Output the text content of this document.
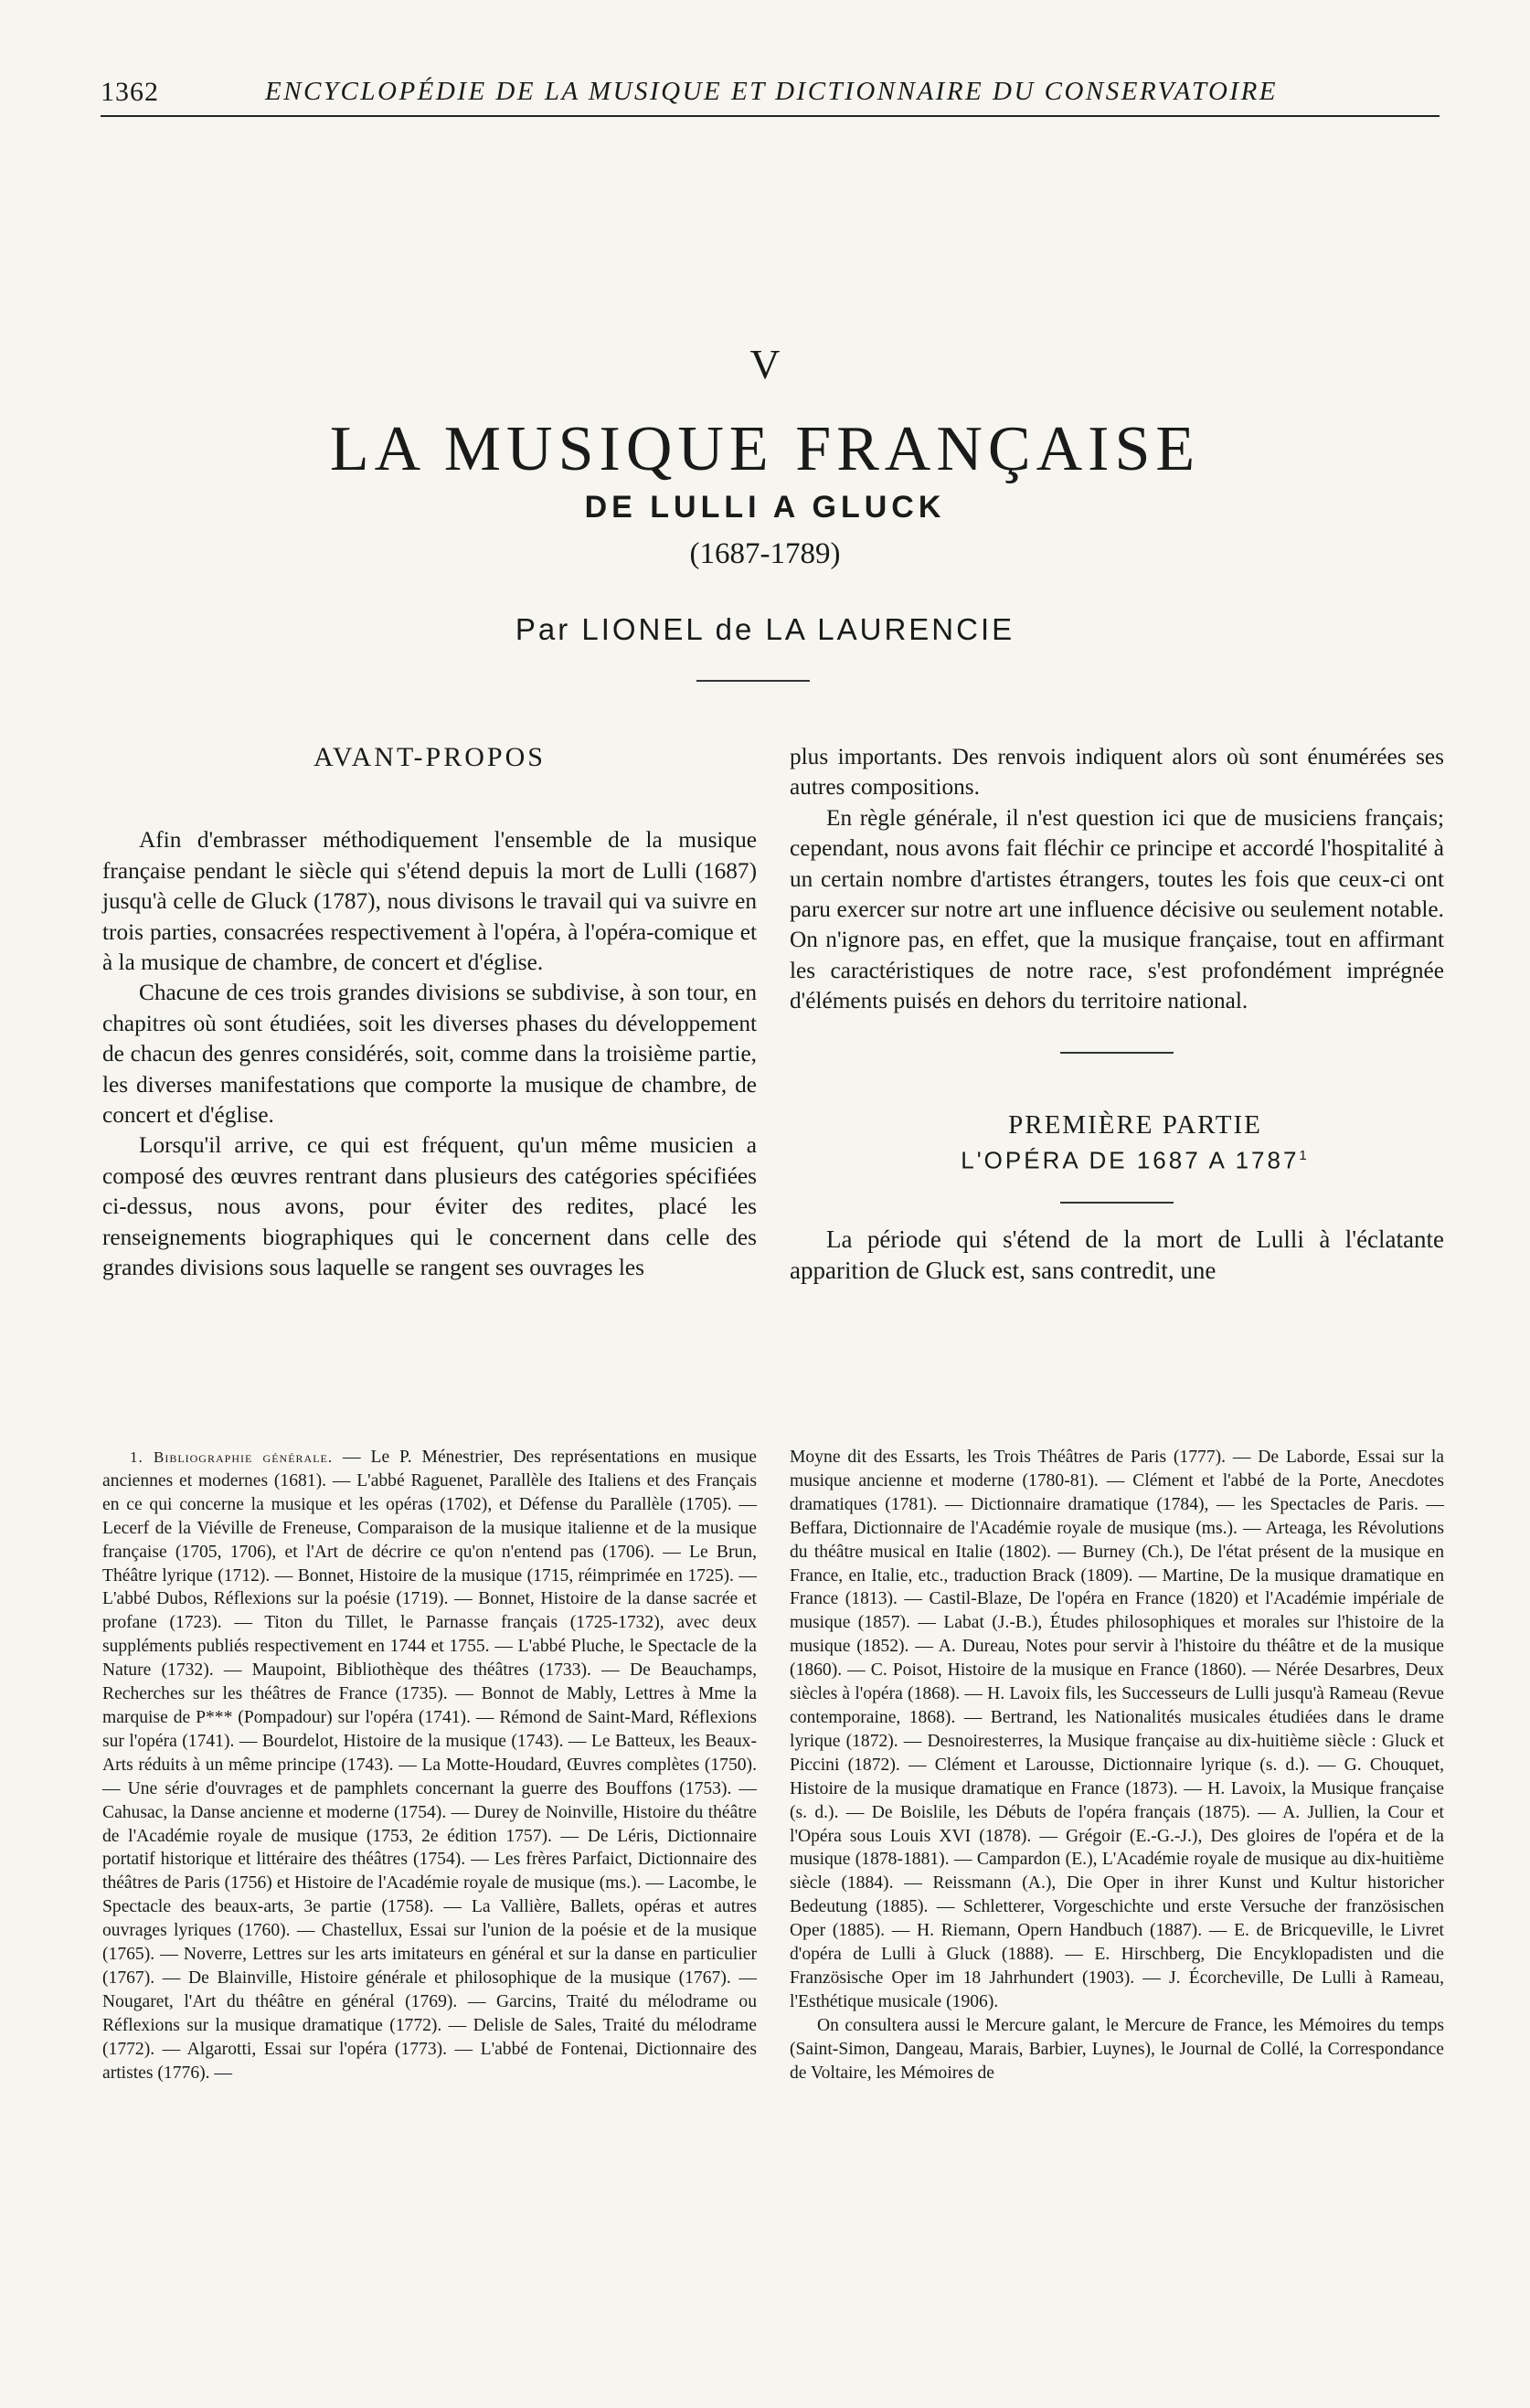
1362	ENCYCLOPÉDIE DE LA MUSIQUE ET DICTIONNAIRE DU CONSERVATOIRE
V
LA MUSIQUE FRANÇAISE
DE LULLI A GLUCK
(1687-1789)
Par LIONEL de LA LAURENCIE

AVANT-PROPOS

Afin d'embrasser méthodiquement l'ensemble de la musique française pendant le siècle qui s'étend depuis la mort de Lulli (1687) jusqu'à celle de Gluck (1787), nous divisons le travail qui va suivre en trois parties, consacrées respectivement à l'opéra, à l'opéra-comique et à la musique de chambre, de concert et d'église.

Chacune de ces trois grandes divisions se subdivise, à son tour, en chapitres où sont étudiées, soit les diverses phases du développement de chacun des genres considérés, soit, comme dans la troisième partie, les diverses manifestations que comporte la musique de chambre, de concert et d'église.

Lorsqu'il arrive, ce qui est fréquent, qu'un même musicien a composé des œuvres rentrant dans plusieurs des catégories spécifiées ci-dessus, nous avons, pour éviter des redites, placé les renseignements biographiques qui le concernent dans celle des grandes divisions sous laquelle se rangent ses ouvrages les

plus importants. Des renvois indiquent alors où sont énumérées ses autres compositions.

En règle générale, il n'est question ici que de musiciens français; cependant, nous avons fait fléchir ce principe et accordé l'hospitalité à un certain nombre d'artistes étrangers, toutes les fois que ceux-ci ont paru exercer sur notre art une influence décisive ou seulement notable. On n'ignore pas, en effet, que la musique française, tout en affirmant les caractéristiques de notre race, s'est profondément imprégnée d'éléments puisés en dehors du territoire national.

PREMIÈRE PARTIE

L'OPÉRA DE 1687 A 1787$^1$

La période qui s'étend de la mort de Lulli à l'éclatante apparition de Gluck est, sans contredit, une

1. Bibliographie générale. — Le P. Ménestrier, Des représentations en musique anciennes et modernes (1681). — L'abbé Raguenet, Parallèle des Italiens et des Français en ce qui concerne la musique et les opéras (1702), et Défense du Parallèle (1705). — Lecerf de la Viéville de Freneuse, Comparaison de la musique italienne et de la musique française (1705, 1706), et l'Art de décrire ce qu'on n'entend pas (1706). — Le Brun, Théâtre lyrique (1712). — Bonnet, Histoire de la musique (1715, réimprimée en 1725). — L'abbé Dubos, Réflexions sur la poésie (1719). — Bonnet, Histoire de la danse sacrée et profane (1723). — Titon du Tillet, le Parnasse français (1725-1732), avec deux suppléments publiés respectivement en 1744 et 1755. — L'abbé Pluche, le Spectacle de la Nature (1732). — Maupoint, Bibliothèque des théâtres (1733). — De Beauchamps, Recherches sur les théâtres de France (1735). — Bonnot de Mably, Lettres à Mme la marquise de P*** (Pompadour) sur l'opéra (1741). — Rémond de Saint-Mard, Réflexions sur l'opéra (1741). — Bourdelot, Histoire de la musique (1743). — Le Batteux, les Beaux-Arts réduits à un même principe (1743). — La Motte-Houdard, Œuvres complètes (1750). — Une série d'ouvrages et de pamphlets concernant la guerre des Bouffons (1753). — Cahusac, la Danse ancienne et moderne (1754). — Durey de Noinville, Histoire du théâtre de l'Académie royale de musique (1753, 2e édition 1757). — De Léris, Dictionnaire portatif historique et littéraire des théâtres (1754). — Les frères Parfaict, Dictionnaire des théâtres de Paris (1756) et Histoire de l'Académie royale de musique (ms.). — Lacombe, le Spectacle des beaux-arts, 3e partie (1758). — La Vallière, Ballets, opéras et autres ouvrages lyriques (1760). — Chastellux, Essai sur l'union de la poésie et de la musique (1765). — Noverre, Lettres sur les arts imitateurs en général et sur la danse en particulier (1767). — De Blainville, Histoire générale et philosophique de la musique (1767). — Nougaret, l'Art du théâtre en général (1769). — Garcins, Traité du mélodrame ou Réflexions sur la musique dramatique (1772). — Delisle de Sales, Traité du mélodrame (1772). — Algarotti, Essai sur l'opéra (1773). — L'abbé de Fontenai, Dictionnaire des artistes (1776). —

Moyne dit des Essarts, les Trois Théâtres de Paris (1777). — De Laborde, Essai sur la musique ancienne et moderne (1780-81). — Clément et l'abbé de la Porte, Anecdotes dramatiques (1781). — Dictionnaire dramatique (1784), — les Spectacles de Paris. — Beffara, Dictionnaire de l'Académie royale de musique (ms.). — Arteaga, les Révolutions du théâtre musical en Italie (1802). — Burney (Ch.), De l'état présent de la musique en France, en Italie, etc., traduction Brack (1809). — Martine, De la musique dramatique en France (1813). — Castil-Blaze, De l'opéra en France (1820) et l'Académie impériale de musique (1857). — Labat (J.-B.), Études philosophiques et morales sur l'histoire de la musique (1852). — A. Dureau, Notes pour servir à l'histoire du théâtre et de la musique (1860). — C. Poisot, Histoire de la musique en France (1860). — Nérée Desarbres, Deux siècles à l'opéra (1868). — H. Lavoix fils, les Successeurs de Lulli jusqu'à Rameau (Revue contemporaine, 1868). — Bertrand, les Nationalités musicales étudiées dans le drame lyrique (1872). — Desnoiresterres, la Musique française au dix-huitième siècle : Gluck et Piccini (1872). — Clément et Larousse, Dictionnaire lyrique (s. d.). — G. Chouquet, Histoire de la musique dramatique en France (1873). — H. Lavoix, la Musique française (s. d.). — De Boislile, les Débuts de l'opéra français (1875). — A. Jullien, la Cour et l'Opéra sous Louis XVI (1878). — Grégoir (E.-G.-J.), Des gloires de l'opéra et de la musique (1878-1881). — Campardon (E.), L'Académie royale de musique au dix-huitième siècle (1884). — Reissmann (A.), Die Oper in ihrer Kunst und Kultur historicher Bedeutung (1885). — Schletterer, Vorgeschichte und erste Versuche der französischen Oper (1885). — H. Riemann, Opern Handbuch (1887). — E. de Bricqueville, le Livret d'opéra de Lulli à Gluck (1888). — E. Hirschberg, Die Encyklopadisten und die Französische Oper im 18 Jahrhundert (1903). — J. Écorcheville, De Lulli à Rameau, l'Esthétique musicale (1906).

On consultera aussi le Mercure galant, le Mercure de France, les Mémoires du temps (Saint-Simon, Dangeau, Marais, Barbier, Luynes), le Journal de Collé, la Correspondance de Voltaire, les Mémoires de
